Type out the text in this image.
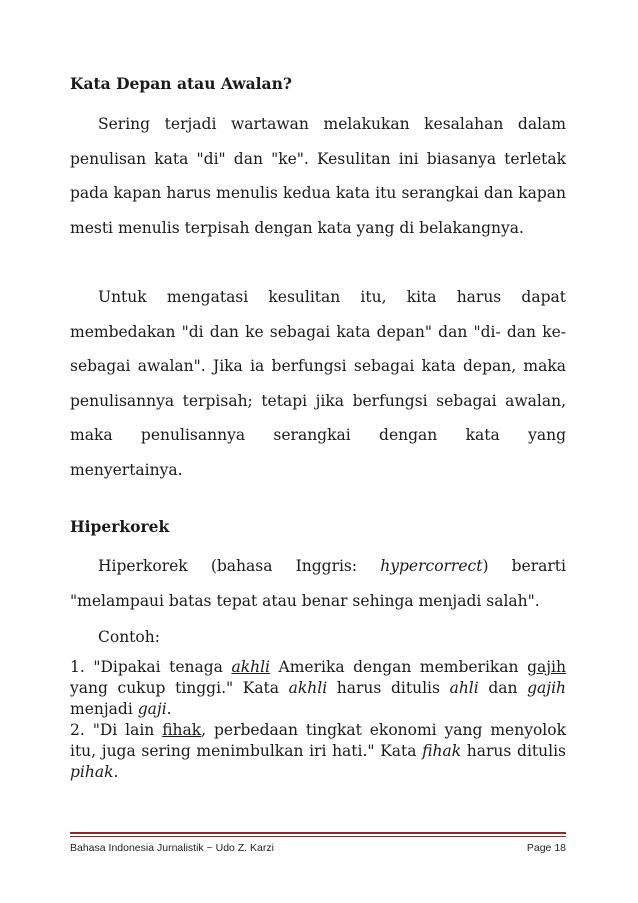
Kata Depan atau Awalan?

Sering terjadi wartawan melakukan kesalahan dalam penulisan kata "di" dan "ke". Kesulitan ini biasanya terletak pada kapan harus menulis kedua kata itu serangkai dan kapan mesti menulis terpisah dengan kata yang di belakangnya.

Untuk mengatasi kesulitan itu, kita harus dapat membedakan "di dan ke sebagai kata depan" dan "di- dan ke- sebagai awalan". Jika ia berfungsi sebagai kata depan, maka penulisannya terpisah; tetapi jika berfungsi sebagai awalan, maka penulisannya serangkai dengan kata yang menyertainya.

Hiperkorek

Hiperkorek (bahasa Inggris: hypercorrect) berarti "melampaui batas tepat atau benar sehinga menjadi salah".

Contoh:

1. "Dipakai tenaga akhli Amerika dengan memberikan gajih yang cukup tinggi." Kata akhli harus ditulis ahli dan gajih menjadi gaji.

2. "Di lain fihak, perbedaan tingkat ekonomi yang menyolok itu, juga sering menimbulkan iri hati." Kata fihak harus ditulis pihak.

Bahasa Indonesia Jurnalistik ~ Udo Z. Karzi	Page 18
